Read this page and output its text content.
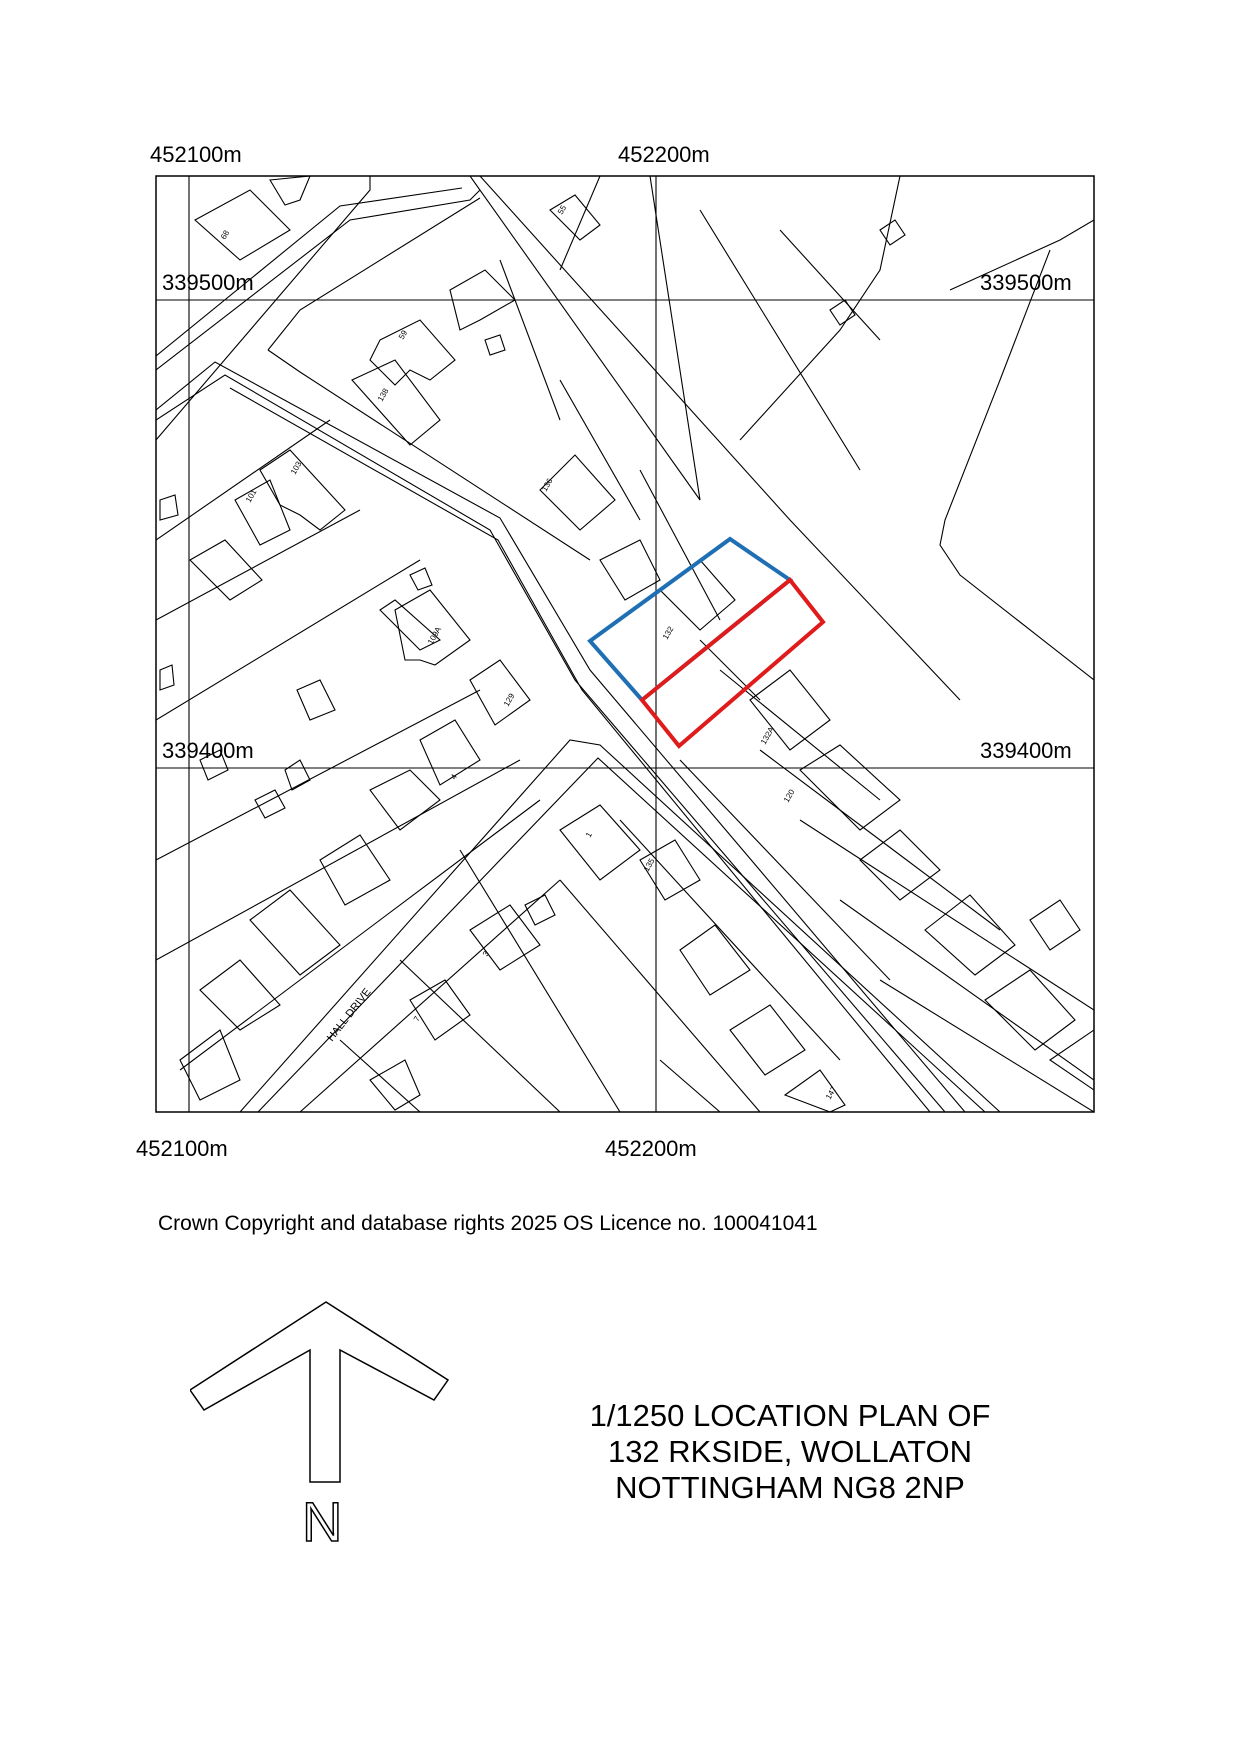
452100m	452200m
339500m	339500m
339400m	339400m
452100m	452200m
68
59
55
138
136
101
103
109A
129
132
132A
120
4
1
135
3
7
147
HALL DRIVE
Crown Copyright and database rights 2025 OS Licence no. 100041041
N
1/1250 LOCATION PLAN OF
132 RKSIDE, WOLLATON
NOTTINGHAM NG8 2NP
